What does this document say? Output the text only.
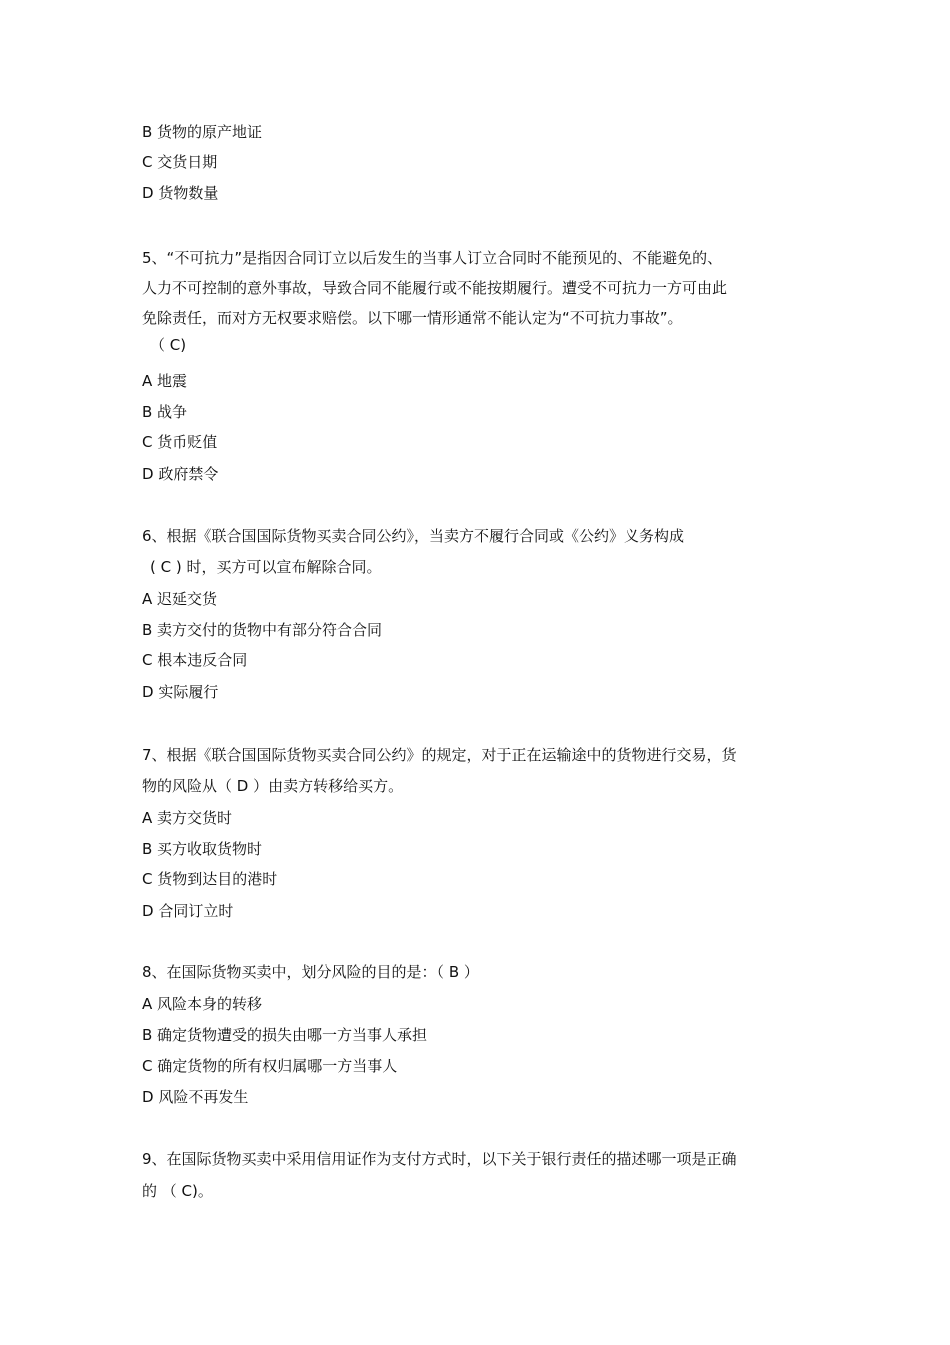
B 货物的原产地证
C 交货日期
D 货物数量
5、“不可抗力”是指因合同订立以后发生的当事人订立合同时不能预见的、不能避免的、
人力不可控制的意外事故，导致合同不能履行或不能按期履行。遭受不可抗力一方可由此
免除责任，而对方无权要求赔偿。以下哪一情形通常不能认定为“不可抗力事故”。
（ C)
A 地震
B 战争
C 货币贬值
D 政府禁令
6、根据《联合国国际货物买卖合同公约》，当卖方不履行合同或《公约》义务构成
( C ) 时，买方可以宣布解除合同。
A 迟延交货
B 卖方交付的货物中有部分符合合同
C 根本违反合同
D 实际履行
7、根据《联合国国际货物买卖合同公约》的规定，对于正在运输途中的货物进行交易，货
物的风险从（ D ）由卖方转移给买方。
A 卖方交货时
B 买方收取货物时
C 货物到达目的港时
D 合同订立时
8、在国际货物买卖中，划分风险的目的是：（ B ）
A 风险本身的转移
B 确定货物遭受的损失由哪一方当事人承担
C 确定货物的所有权归属哪一方当事人
D 风险不再发生
9、在国际货物买卖中采用信用证作为支付方式时，以下关于银行责任的描述哪一项是正确
的 （ C)。
